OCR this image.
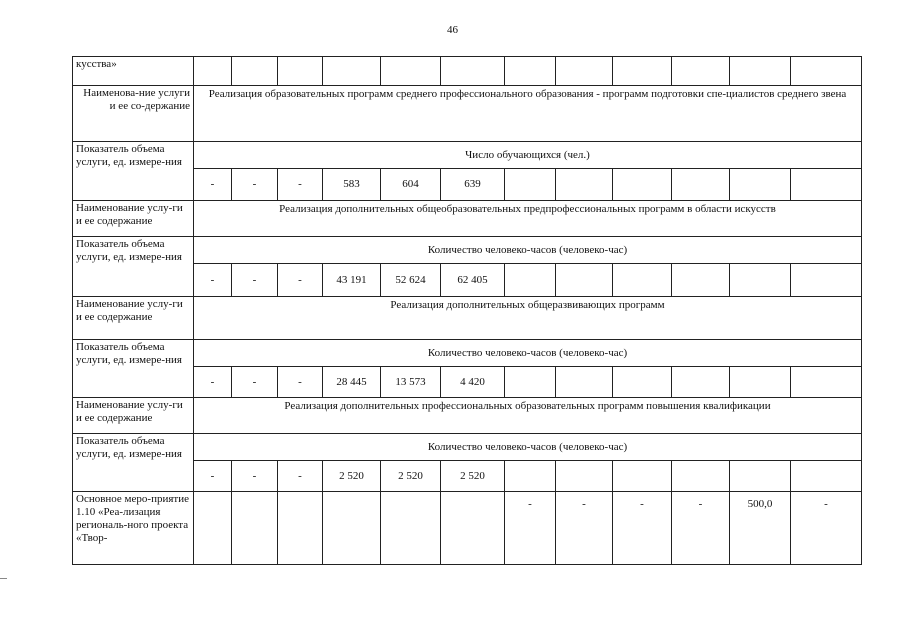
46
кусства»												
Наименова-ние услуги и ее со-держание	Реализация образовательных программ среднего профессионального образования - программ подготовки спе-циалистов среднего звена											
Показатель объема услуги, ед. измере-ния	Число обучающихся (чел.)											
	-	-	-	583	604	639						
Наименование услу-ги и ее содержание	Реализация дополнительных общеобразовательных предпрофессиональных программ в области искусств											
Показатель объема услуги, ед. измере-ния	Количество человеко-часов (человеко-час)											
	-	-	-	43 191	52 624	62 405						
Наименование услу-ги и ее содержание	Реализация дополнительных общеразвивающих программ											
Показатель объема услуги, ед. измере-ния	Количество человеко-часов (человеко-час)											
	-	-	-	28 445	13 573	4 420						
Наименование услу-ги и ее содержание	Реализация дополнительных профессиональных образовательных программ повышения квалификации											
Показатель объема услуги, ед. измере-ния	Количество человеко-часов (человеко-час)											
	-	-	-	2 520	2 520	2 520						
Основное меро-приятие 1.10 «Реа-лизация региональ-ного проекта «Твор-							-	-	-	-	500,0	-
